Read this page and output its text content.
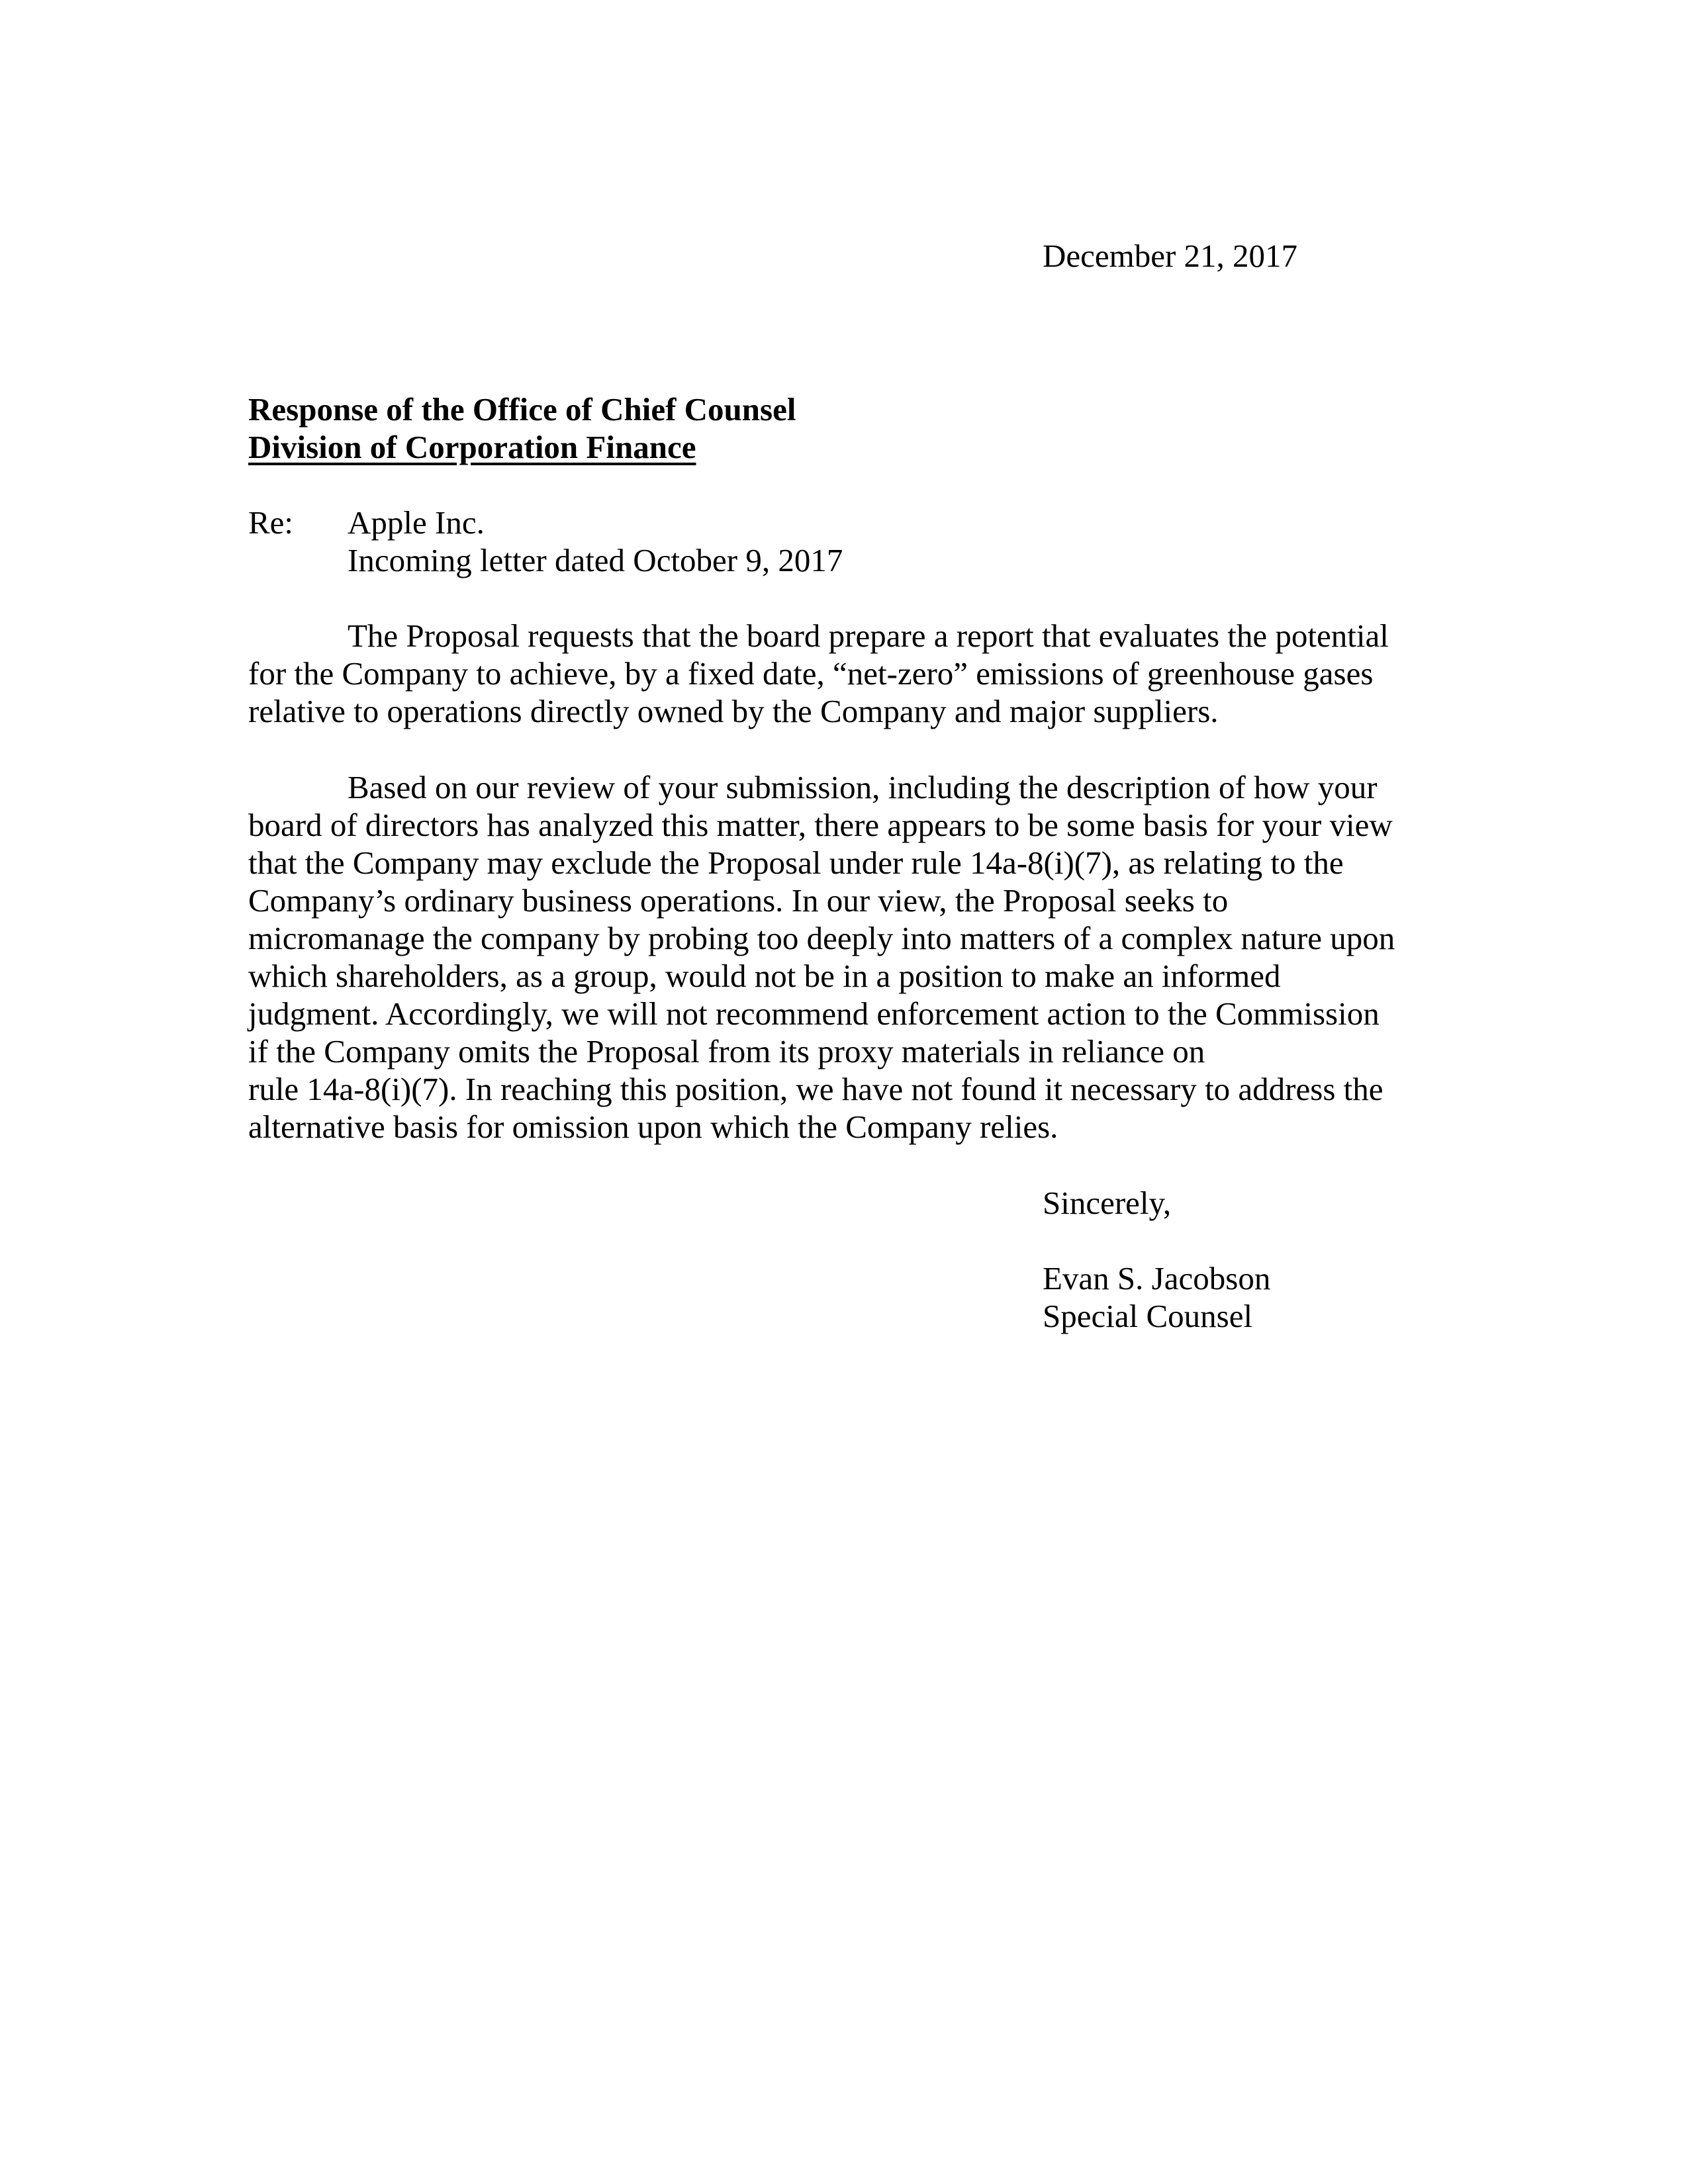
December 21, 2017
Response of the Office of Chief Counsel
Division of Corporation Finance
Re: Apple Inc.
Incoming letter dated October 9, 2017
The Proposal requests that the board prepare a report that evaluates the potential
for the Company to achieve, by a fixed date, “net-zero” emissions of greenhouse gases
relative to operations directly owned by the Company and major suppliers.
Based on our review of your submission, including the description of how your
board of directors has analyzed this matter, there appears to be some basis for your view
that the Company may exclude the Proposal under rule 14a-8(i)(7), as relating to the
Company’s ordinary business operations. In our view, the Proposal seeks to
micromanage the company by probing too deeply into matters of a complex nature upon
which shareholders, as a group, would not be in a position to make an informed
judgment. Accordingly, we will not recommend enforcement action to the Commission
if the Company omits the Proposal from its proxy materials in reliance on
rule 14a-8(i)(7). In reaching this position, we have not found it necessary to address the
alternative basis for omission upon which the Company relies.
Sincerely,
Evan S. Jacobson
Special Counsel
